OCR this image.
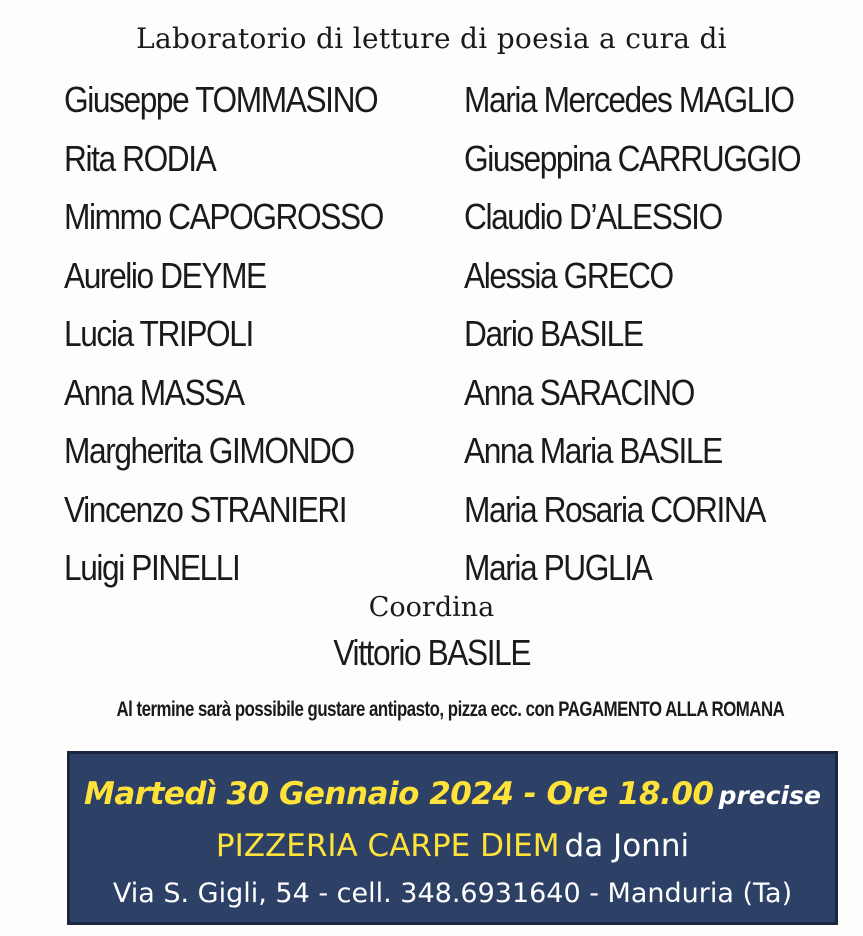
Laboratorio di letture di poesia a cura di
Giuseppe TOMMASINO
Rita RODIA
Mimmo CAPOGROSSO
Aurelio DEYME
Lucia TRIPOLI
Anna MASSA
Margherita GIMONDO
Vincenzo STRANIERI
Luigi PINELLI
Maria Mercedes MAGLIO
Giuseppina CARRUGGIO
Claudio D’ALESSIO
Alessia GRECO
Dario BASILE
Anna SARACINO
Anna Maria BASILE
Maria Rosaria CORINA
Maria PUGLIA
Coordina
Vittorio BASILE
Al termine sarà possibile gustare antipasto, pizza ecc. con PAGAMENTO ALLA ROMANA
Martedì 30 Gennaio 2024 - Ore 18.00 precise
PIZZERIA CARPE DIEM da Jonni
Via S. Gigli, 54 - cell. 348.6931640 - Manduria (Ta)
